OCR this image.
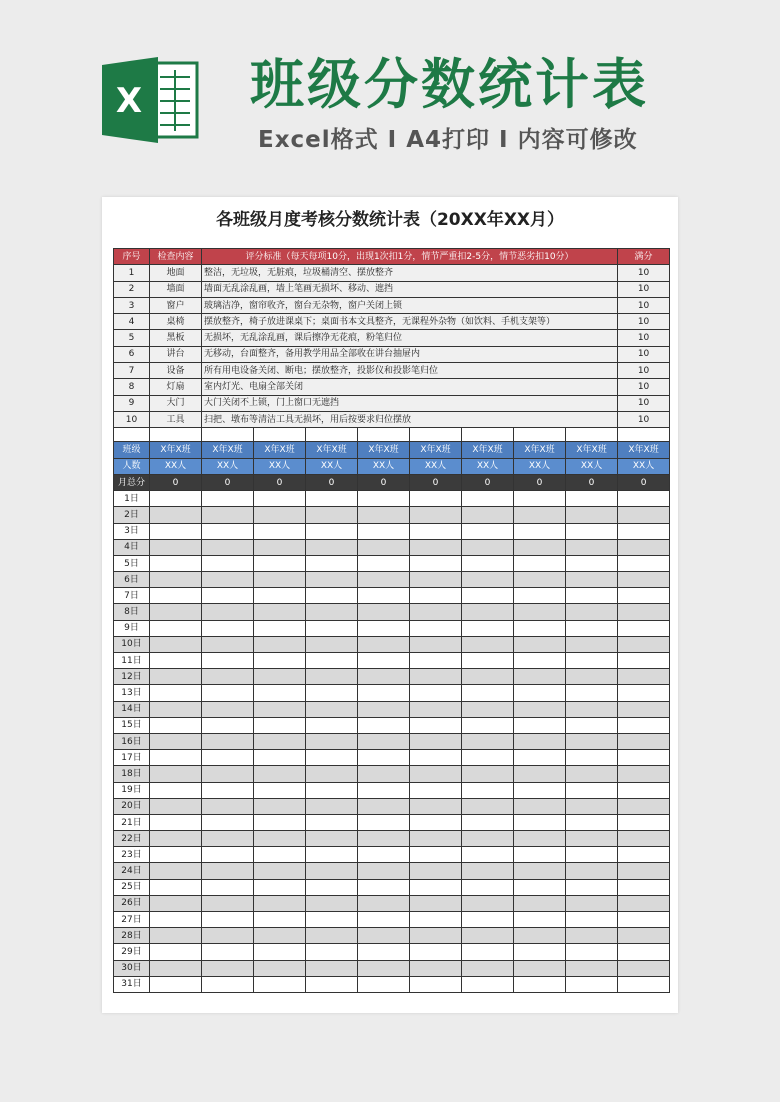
X 班级分数统计表
Excel格式 I A4打印 I 内容可修改
各班级月度考核分数统计表（20XX年XX月）
序号	检查内容	评分标准（每天每项10分，出现1次扣1分，情节严重扣2-5分，情节恶劣扣10分）								满分
1	地面	整洁，无垃圾，无脏痕，垃圾桶清空、摆放整齐								10
2	墙面	墙面无乱涂乱画，墙上笔画无损坏、移动、遮挡								10
3	窗户	玻璃洁净，窗帘收齐，窗台无杂物，窗户关闭上锁								10
4	桌椅	摆放整齐，椅子放进课桌下；桌面书本文具整齐，无课程外杂物（如饮料、手机支架等）								10
5	黑板	无损坏，无乱涂乱画，课后擦净无花痕，粉笔归位								10
6	讲台	无移动，台面整齐，备用教学用品全部收在讲台抽屉内								10
7	设备	所有用电设备关闭、断电；摆放整齐，投影仪和投影笔归位								10
8	灯扇	室内灯光、电扇全部关闭								10
9	大门	大门关闭不上锁，门上窗口无遮挡								10
10	工具	扫把、墩布等清洁工具无损坏，用后按要求归位摆放								10

班级	X年X班	X年X班	X年X班	X年X班	X年X班	X年X班	X年X班	X年X班	X年X班	X年X班
人数	XX人	XX人	XX人	XX人	XX人	XX人	XX人	XX人	XX人	XX人
月总分	0	0	0	0	0	0	0	0	0	0
1日										
2日										
3日										
4日										
5日										
6日										
7日										
8日										
9日										
10日										
11日										
12日										
13日										
14日										
15日										
16日										
17日										
18日										
19日										
20日										
21日										
22日										
23日										
24日										
25日										
26日										
27日										
28日										
29日										
30日										
31日										
